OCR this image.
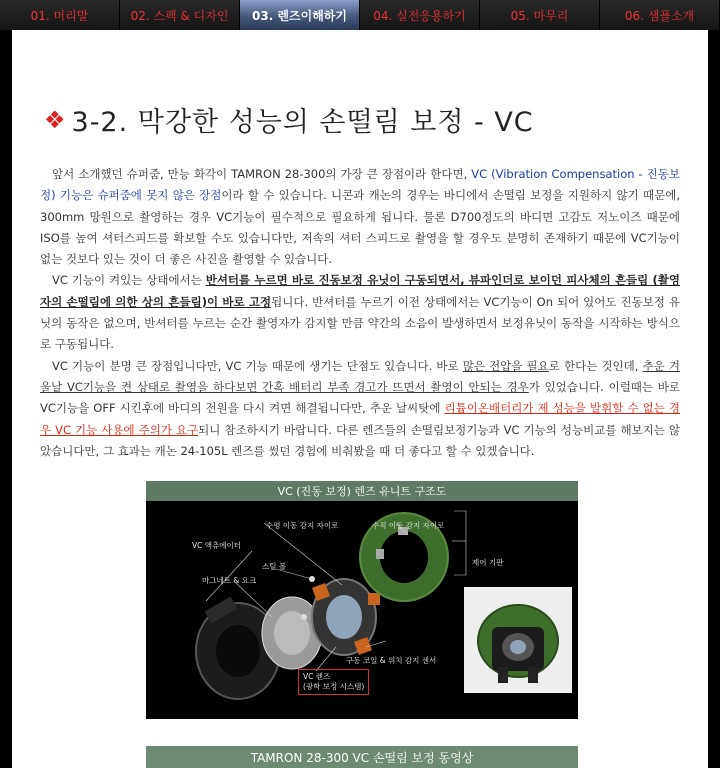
01. 머리말	02. 스펙 & 디자인	03. 렌즈이해하기	04. 실전응용하기	05. 마무리	06. 샘플소개
❖ 3-2. 막강한 성능의 손떨림 보정 - VC

앞서 소개했던 슈퍼줌, 만능 화각이 TAMRON 28-300의 가장 큰 장점이라 한다면, VC (Vibration Compensation - 진동보정) 기능은 슈퍼줌에 못지 않은 장점이라 할 수 있습니다. 니콘과 캐논의 경우는 바디에서 손떨림 보정을 지원하지 않기 때문에, 300mm 망원으로 촬영하는 경우 VC기능이 필수적으로 필요하게 됩니다. 물론 D700정도의 바디면 고감도 저노이즈 때문에 ISO를 높여 셔터스피드를 확보할 수도 있습니다만, 저속의 셔터 스피드로 촬영을 할 경우도 분명히 존재하기 때문에 VC기능이 없는 것보다 있는 것이 더 좋은 사진을 촬영할 수 있습니다.

VC 기능이 켜있는 상태에서는 반셔터를 누르면 바로 진동보정 유닛이 구동되면서, 뷰파인더로 보이던 피사체의 흔들림 (촬영자의 손떨림에 의한 상의 흔들림)이 바로 고정됩니다. 반셔터를 누르기 이전 상태에서는 VC기능이 On 되어 있어도 진동보정 유닛의 동작은 없으며, 반셔터를 누르는 순간 촬영자가 감지할 만큼 약간의 소음이 발생하면서 보정유닛이 동작을 시작하는 방식으로 구동됩니다.

VC 기능이 분명 큰 장점입니다만, VC 기능 때문에 생기는 단점도 있습니다. 바로 많은 전압을 필요로 한다는 것인데, 추운 겨울날 VC기능을 켠 상태로 촬영을 하다보면 간혹 배터리 부족 경고가 뜨면서 촬영이 안되는 경우가 있었습니다. 이럴때는 바로 VC기능을 OFF 시킨후에 바디의 전원을 다시 켜면 해결됩니다만, 추운 날씨탓에 리튬이온배터리가 제 성능을 발휘할 수 없는 경우 VC 기능 사용에 주의가 요구되니 참조하시기 바랍니다. 다른 렌즈들의 손떨림보정기능과 VC 기능의 성능비교를 해보지는 않았습니다만, 그 효과는 캐논 24-105L 렌즈를 썼던 경험에 비춰봤을 때 더 좋다고 할 수 있겠습니다.

VC (진동 보정) 렌즈 유니트 구조도
수평 이동 감지 자이로	수직 이동 감지 자이로
VC 액츄에이터
스틸 볼
마그네트 & 요크
제어 기판
구동 코일 & 위치 감지 센서
VC 렌즈
(광학 보정 시스템)
TAMRON 28-300 VC 손떨림 보정 동영상
